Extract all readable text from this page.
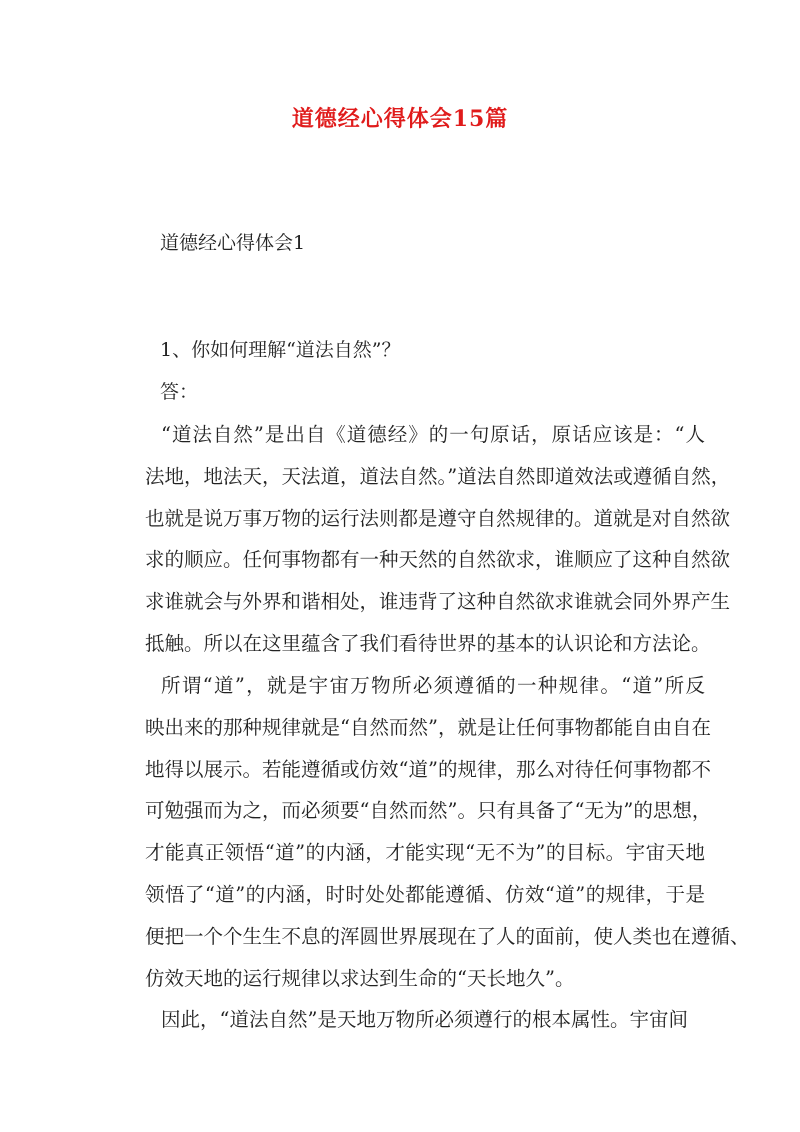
道德经心得体会15篇
道德经心得体会1
1、你如何理解“道法自然”？
答：
“道法自然”是出自《道德经》的一句原话，原话应该是：“人
法地，地法天，天法道，道法自然。”道法自然即道效法或遵循自然，
也就是说万事万物的运行法则都是遵守自然规律的。道就是对自然欲
求的顺应。任何事物都有一种天然的自然欲求，谁顺应了这种自然欲
求谁就会与外界和谐相处，谁违背了这种自然欲求谁就会同外界产生
抵触。所以在这里蕴含了我们看待世界的基本的认识论和方法论。
所谓“道”，就是宇宙万物所必须遵循的一种规律。“道”所反
映出来的那种规律就是“自然而然”，就是让任何事物都能自由自在
地得以展示。若能遵循或仿效“道”的规律，那么对待任何事物都不
可勉强而为之，而必须要“自然而然”。只有具备了“无为”的思想，
才能真正领悟“道”的内涵，才能实现“无不为”的目标。宇宙天地
领悟了“道”的内涵，时时处处都能遵循、仿效“道”的规律，于是
便把一个个生生不息的浑圆世界展现在了人的面前，使人类也在遵循、
仿效天地的运行规律以求达到生命的“天长地久”。
因此，“道法自然”是天地万物所必须遵行的根本属性。宇宙间
